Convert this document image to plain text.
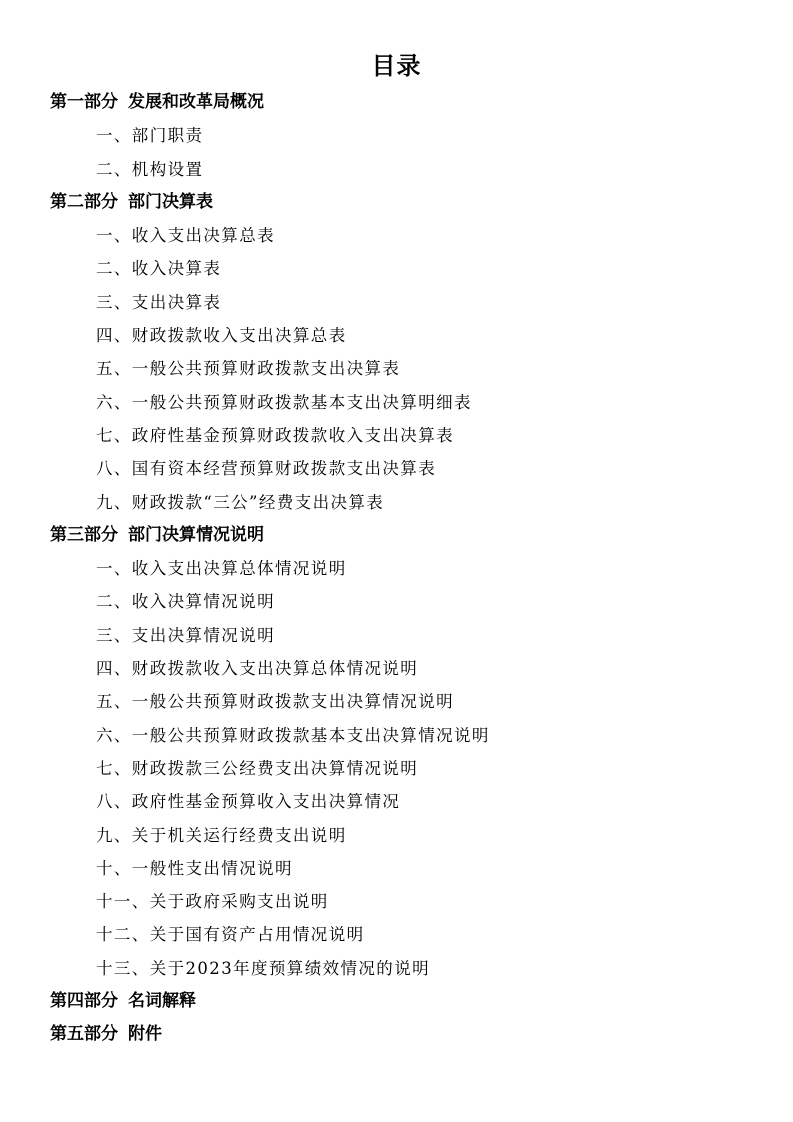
目录
第一部分 发展和改革局概况
一、部门职责
二、机构设置
第二部分 部门决算表
一、收入支出决算总表
二、收入决算表
三、支出决算表
四、财政拨款收入支出决算总表
五、一般公共预算财政拨款支出决算表
六、一般公共预算财政拨款基本支出决算明细表
七、政府性基金预算财政拨款收入支出决算表
八、国有资本经营预算财政拨款支出决算表
九、财政拨款“三公”经费支出决算表
第三部分 部门决算情况说明
一、收入支出决算总体情况说明
二、收入决算情况说明
三、支出决算情况说明
四、财政拨款收入支出决算总体情况说明
五、一般公共预算财政拨款支出决算情况说明
六、一般公共预算财政拨款基本支出决算情况说明
七、财政拨款三公经费支出决算情况说明
八、政府性基金预算收入支出决算情况
九、关于机关运行经费支出说明
十、一般性支出情况说明
十一、关于政府采购支出说明
十二、关于国有资产占用情况说明
十三、关于2023年度预算绩效情况的说明
第四部分 名词解释
第五部分 附件
